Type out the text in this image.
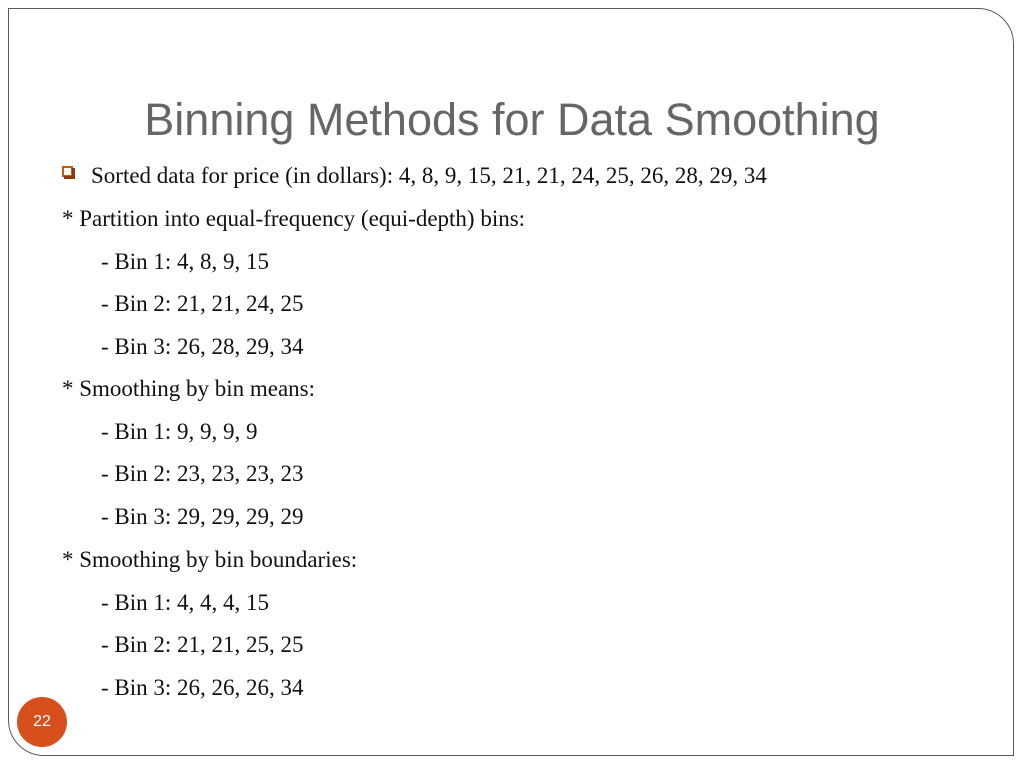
Binning Methods for Data Smoothing
Sorted data for price (in dollars): 4, 8, 9, 15, 21, 21, 24, 25, 26, 28, 29, 34
* Partition into equal-frequency (equi-depth) bins:
- Bin 1: 4, 8, 9, 15
- Bin 2: 21, 21, 24, 25
- Bin 3: 26, 28, 29, 34
* Smoothing by bin means:
- Bin 1: 9, 9, 9, 9
- Bin 2: 23, 23, 23, 23
- Bin 3: 29, 29, 29, 29
* Smoothing by bin boundaries:
- Bin 1: 4, 4, 4, 15
- Bin 2: 21, 21, 25, 25
- Bin 3: 26, 26, 26, 34
22
